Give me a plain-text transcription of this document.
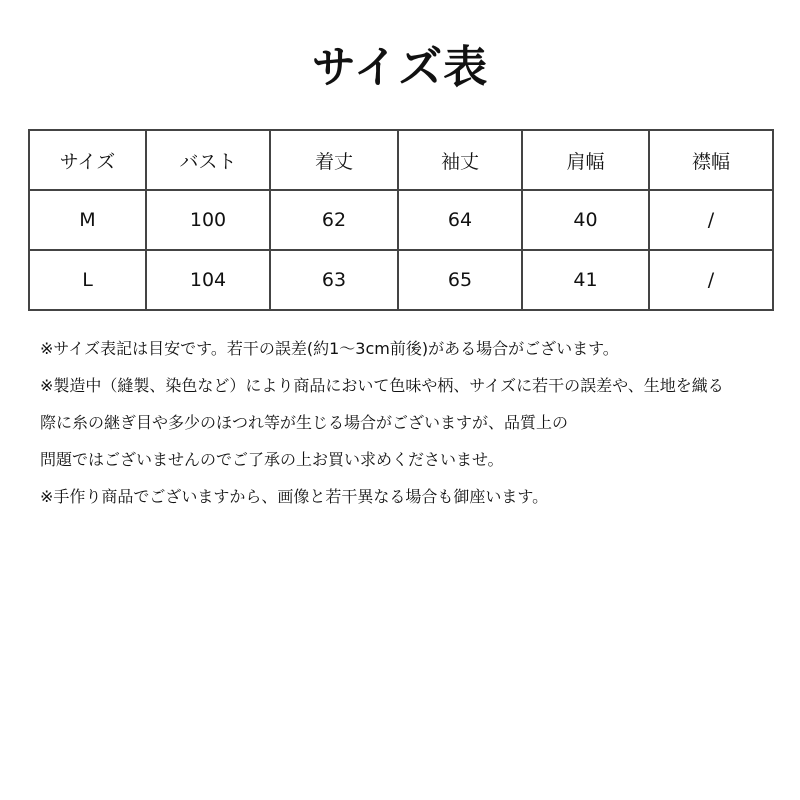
サイズ表
サイズ	バスト	着丈	袖丈	肩幅	襟幅
M	100	62	64	40	/
L	104	63	65	41	/

※サイズ表記は目安です。若干の誤差(約1～3cm前後)がある場合がございます。

※製造中（縫製、染色など）により商品において色味や柄、サイズに若干の誤差や、生地を織る

際に糸の継ぎ目や多少のほつれ等が生じる場合がございますが、品質上の

問題ではございませんのでご了承の上お買い求めくださいませ。

※手作り商品でございますから、画像と若干異なる場合も御座います。
